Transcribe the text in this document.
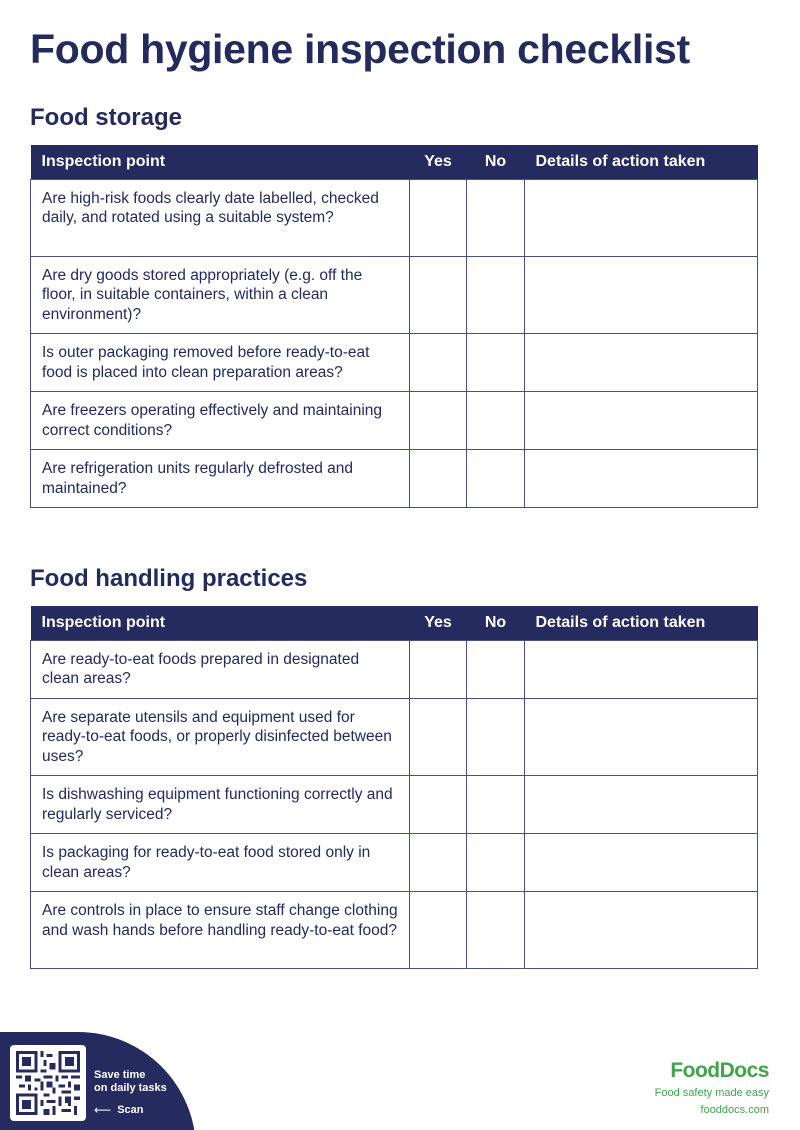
Food hygiene inspection checklist
Food storage
Inspection point	Yes	No	Details of action taken
Are high-risk foods clearly date labelled, checked daily, and rotated using a suitable system?			
Are dry goods stored appropriately (e.g. off the floor, in suitable containers, within a clean environment)?			
Is outer packaging removed before ready-to-eat food is placed into clean preparation areas?			
Are freezers operating effectively and maintaining correct conditions?			
Are refrigeration units regularly defrosted and maintained?			
Food handling practices
Inspection point	Yes	No	Details of action taken
Are ready-to-eat foods prepared in designated clean areas?			
Are separate utensils and equipment used for ready-to-eat foods, or properly disinfected between uses?			
Is dishwashing equipment functioning correctly and regularly serviced?			
Is packaging for ready-to-eat food stored only in clean areas?			
Are controls in place to ensure staff change clothing and wash hands before handling ready-to-eat food?			
Save time
on daily tasks
⟵ Scan
FoodDocs
Food safety made easy
fooddocs.com
